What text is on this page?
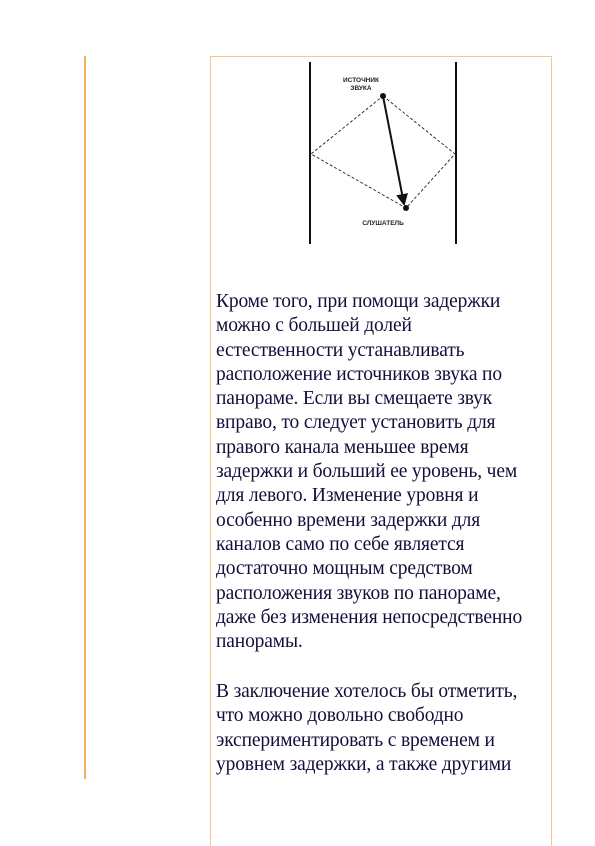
ИСТОЧНИК
ЗВУКА
СЛУШАТЕЛЬ
Кроме того, при помощи задержки можно с большей долей естественности устанавливать расположение источников звука по панораме. Если вы смещаете звук вправо, то следует установить для правого канала меньшее время задержки и больший ее уровень, чем для левого. Изменение уровня и особенно времени задержки для каналов само по себе является достаточно мощным средством расположения звуков по панораме, даже без изменения непосредственно панорамы.
В заключение хотелось бы отметить, что можно довольно свободно экспериментировать с временем и уровнем задержки, а также другими
